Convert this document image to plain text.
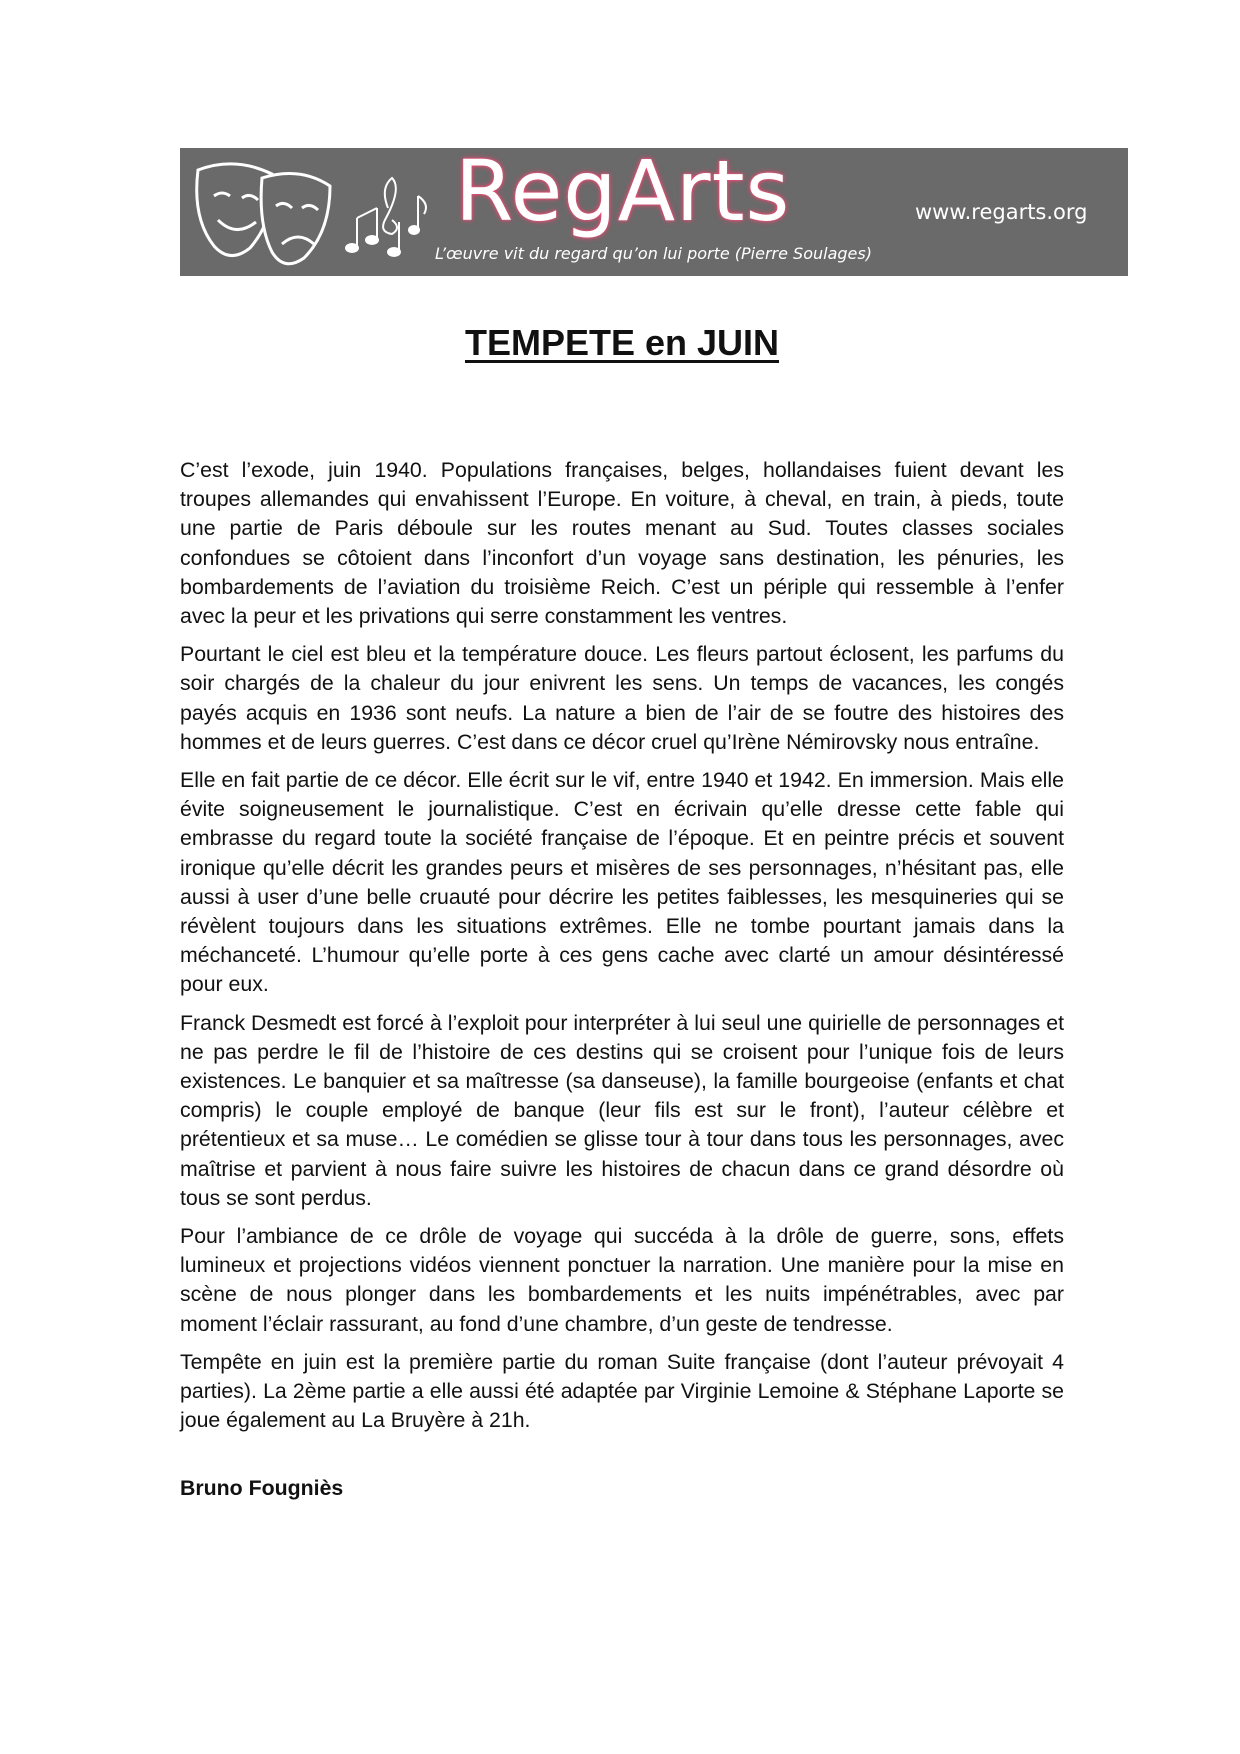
RegArts	www.regarts.org
L’œuvre vit du regard qu’on lui porte (Pierre Soulages)
TEMPETE en JUIN

C’est l’exode, juin 1940. Populations françaises, belges, hollandaises fuient devant les troupes allemandes qui envahissent l’Europe. En voiture, à cheval, en train, à pieds, toute une partie de Paris déboule sur les routes menant au Sud. Toutes classes sociales confondues se côtoient dans l’inconfort d’un voyage sans destination, les pénuries, les bombardements de l’aviation du troisième Reich. C’est un périple qui ressemble à l’enfer avec la peur et les privations qui serre constamment les ventres.

Pourtant le ciel est bleu et la température douce. Les fleurs partout éclosent, les parfums du soir chargés de la chaleur du jour enivrent les sens. Un temps de vacances, les congés payés acquis en 1936 sont neufs. La nature a bien de l’air de se foutre des histoires des hommes et de leurs guerres. C’est dans ce décor cruel qu’Irène Némirovsky nous entraîne.

Elle en fait partie de ce décor. Elle écrit sur le vif, entre 1940 et 1942. En immersion. Mais elle évite soigneusement le journalistique. C’est en écrivain qu’elle dresse cette fable qui embrasse du regard toute la société française de l’époque. Et en peintre précis et souvent ironique qu’elle décrit les grandes peurs et misères de ses personnages, n’hésitant pas, elle aussi à user d’une belle cruauté pour décrire les petites faiblesses, les mesquineries qui se révèlent toujours dans les situations extrêmes. Elle ne tombe pourtant jamais dans la méchanceté. L’humour qu’elle porte à ces gens cache avec clarté un amour désintéressé pour eux.

Franck Desmedt est forcé à l’exploit pour interpréter à lui seul une quirielle de personnages et ne pas perdre le fil de l’histoire de ces destins qui se croisent pour l’unique fois de leurs existences. Le banquier et sa maîtresse (sa danseuse), la famille bourgeoise (enfants et chat compris) le couple employé de banque (leur fils est sur le front), l’auteur célèbre et prétentieux et sa muse… Le comédien se glisse tour à tour dans tous les personnages, avec maîtrise et parvient à nous faire suivre les histoires de chacun dans ce grand désordre où tous se sont perdus.

Pour l’ambiance de ce drôle de voyage qui succéda à la drôle de guerre, sons, effets lumineux et projections vidéos viennent ponctuer la narration. Une manière pour la mise en scène de nous plonger dans les bombardements et les nuits impénétrables, avec par moment l’éclair rassurant, au fond d’une chambre, d’un geste de tendresse.

Tempête en juin est la première partie du roman Suite française (dont l’auteur prévoyait 4 parties). La 2ème partie a elle aussi été adaptée par Virginie Lemoine & Stéphane Laporte se joue également au La Bruyère à 21h.

Bruno Fougniès
